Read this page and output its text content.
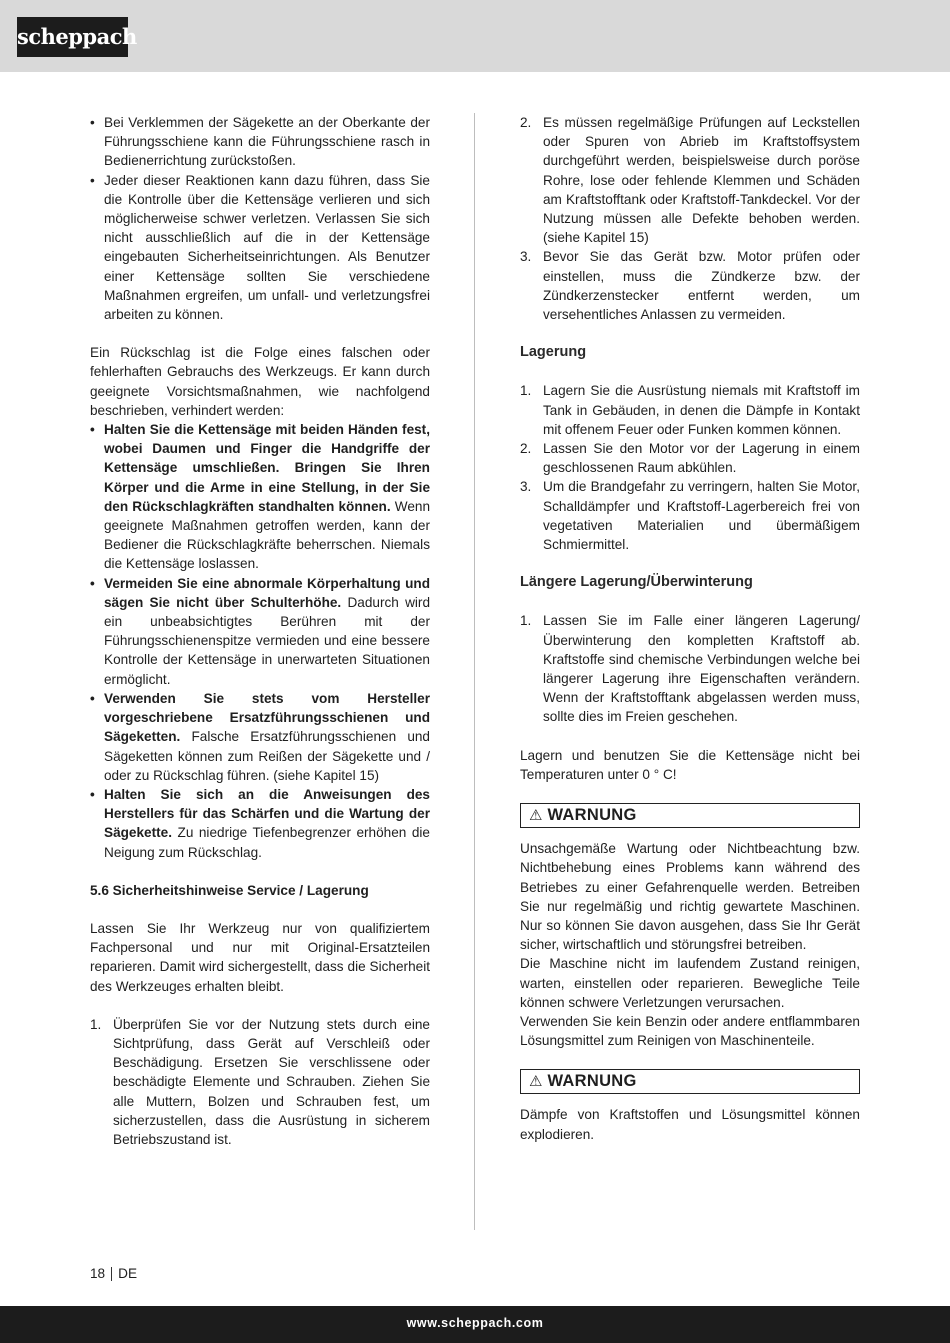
scheppach
• Bei Verklemmen der Sägekette an der Oberkante der Führungsschiene kann die Führungsschiene rasch in Bedienerrichtung zurückstoßen.
• Jeder dieser Reaktionen kann dazu führen, dass Sie die Kontrolle über die Kettensäge verlieren und sich möglicherweise schwer verletzen. Verlassen Sie sich nicht ausschließlich auf die in der Kettensäge eingebauten Sicherheitseinrichtungen. Als Benutzer einer Kettensäge sollten Sie verschiedene Maßnahmen ergreifen, um unfall- und verletzungsfrei arbeiten zu können.

Ein Rückschlag ist die Folge eines falschen oder fehlerhaften Gebrauchs des Werkzeugs. Er kann durch geeignete Vorsichtsmaßnahmen, wie nachfolgend beschrieben, verhindert werden:

• Halten Sie die Kettensäge mit beiden Händen fest, wobei Daumen und Finger die Handgriffe der Kettensäge umschließen. Bringen Sie Ihren Körper und die Arme in eine Stellung, in der Sie den Rückschlagkräften standhalten können. Wenn geeignete Maßnahmen getroffen werden, kann der Bediener die Rückschlagkräfte beherrschen. Niemals die Kettensäge loslassen.
• Vermeiden Sie eine abnormale Körperhaltung und sägen Sie nicht über Schulterhöhe. Dadurch wird ein unbeabsichtigtes Berühren mit der Führungsschienenspitze vermieden und eine bessere Kontrolle der Kettensäge in unerwarteten Situationen ermöglicht.
• Verwenden Sie stets vom Hersteller vorgeschriebene Ersatzführungsschienen und Sägeketten. Falsche Ersatzführungsschienen und Sägeketten können zum Reißen der Sägekette und / oder zu Rückschlag führen. (siehe Kapitel 15)
• Halten Sie sich an die Anweisungen des Herstellers für das Schärfen und die Wartung der Sägekette. Zu niedrige Tiefenbegrenzer erhöhen die Neigung zum Rückschlag.

5.6 Sicherheitshinweise Service / Lagerung

Lassen Sie Ihr Werkzeug nur von qualifiziertem Fachpersonal und nur mit Original-Ersatzteilen reparieren. Damit wird sichergestellt, dass die Sicherheit des Werkzeuges erhalten bleibt.

1. Überprüfen Sie vor der Nutzung stets durch eine Sichtprüfung, dass Gerät auf Verschleiß oder Beschädigung. Ersetzen Sie verschlissene oder beschädigte Elemente und Schrauben. Ziehen Sie alle Muttern, Bolzen und Schrauben fest, um sicherzustellen, dass die Ausrüstung in sicherem Betriebszustand ist.
2. Es müssen regelmäßige Prüfungen auf Leckstellen oder Spuren von Abrieb im Kraftstoffsystem durchgeführt werden, beispielsweise durch poröse Rohre, lose oder fehlende Klemmen und Schäden am Kraftstofftank oder Kraftstoff-Tankdeckel. Vor der Nutzung müssen alle Defekte behoben werden. (siehe Kapitel 15)
3. Bevor Sie das Gerät bzw. Motor prüfen oder einstellen, muss die Zündkerze bzw. der Zündkerzenstecker entfernt werden, um versehentliches Anlassen zu vermeiden.

Lagerung

1. Lagern Sie die Ausrüstung niemals mit Kraftstoff im Tank in Gebäuden, in denen die Dämpfe in Kontakt mit offenem Feuer oder Funken kommen können.
2. Lassen Sie den Motor vor der Lagerung in einem geschlossenen Raum abkühlen.
3. Um die Brandgefahr zu verringern, halten Sie Motor, Schalldämpfer und Kraftstoff-Lagerbereich frei von vegetativen Materialien und übermäßigem Schmiermittel.

Längere Lagerung/Überwinterung

1. Lassen Sie im Falle einer längeren Lagerung/ Überwinterung den kompletten Kraftstoff ab. Kraftstoffe sind chemische Verbindungen welche bei längerer Lagerung ihre Eigenschaften verändern. Wenn der Kraftstofftank abgelassen werden muss, sollte dies im Freien geschehen.

Lagern und benutzen Sie die Kettensäge nicht bei Temperaturen unter 0 ° C!

⚠ WARNUNG

Unsachgemäße Wartung oder Nichtbeachtung bzw. Nichtbehebung eines Problems kann während des Betriebes zu einer Gefahrenquelle werden. Betreiben Sie nur regelmäßig und richtig gewartete Maschinen. Nur so können Sie davon ausgehen, dass Sie Ihr Gerät sicher, wirtschaftlich und störungsfrei betreiben.

Die Maschine nicht im laufendem Zustand reinigen, warten, einstellen oder reparieren. Bewegliche Teile können schwere Verletzungen verursachen.

Verwenden Sie kein Benzin oder andere entflammbaren Lösungsmittel zum Reinigen von Maschinenteile.

⚠ WARNUNG

Dämpfe von Kraftstoffen und Lösungsmittel können explodieren.

18 DE
www.scheppach.com
